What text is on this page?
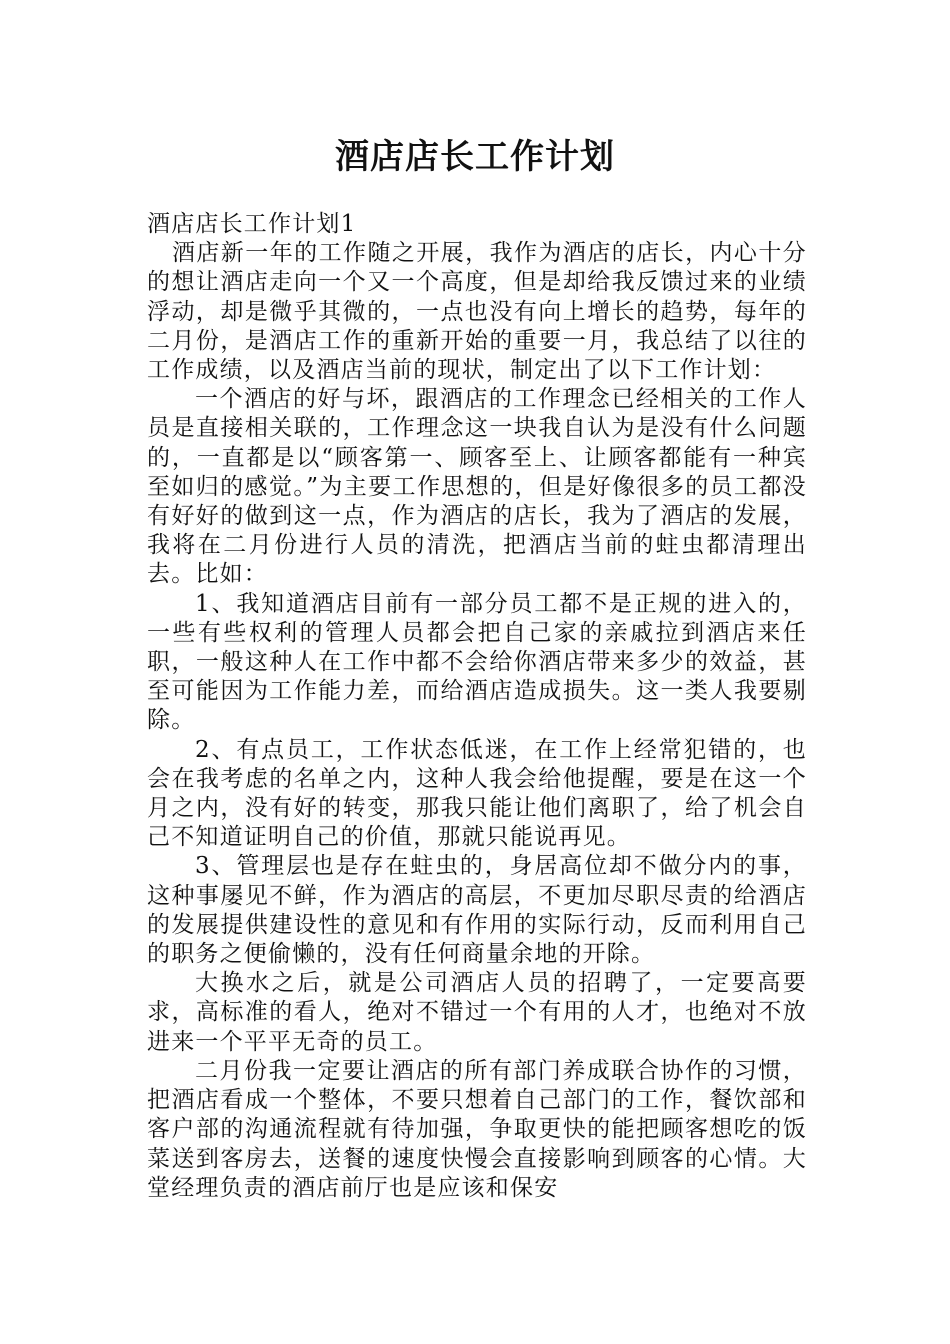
酒店店长工作计划

酒店店长工作计划1

酒店新一年的工作随之开展，我作为酒店的店长，内心十分的想让酒店走向一个又一个高度，但是却给我反馈过来的业绩浮动，却是微乎其微的，一点也没有向上增长的趋势，每年的二月份，是酒店工作的重新开始的重要一月，我总结了以往的工作成绩，以及酒店当前的现状，制定出了以下工作计划：

一个酒店的好与坏，跟酒店的工作理念已经相关的工作人员是直接相关联的，工作理念这一块我自认为是没有什么问题的，一直都是以“顾客第一、顾客至上、让顾客都能有一种宾至如归的感觉。”为主要工作思想的，但是好像很多的员工都没有好好的做到这一点，作为酒店的店长，我为了酒店的发展，我将在二月份进行人员的清洗，把酒店当前的蛀虫都清理出去。比如：

1、我知道酒店目前有一部分员工都不是正规的进入的，一些有些权利的管理人员都会把自己家的亲戚拉到酒店来任职，一般这种人在工作中都不会给你酒店带来多少的效益，甚至可能因为工作能力差，而给酒店造成损失。这一类人我要剔除。

2、有点员工，工作状态低迷，在工作上经常犯错的，也会在我考虑的名单之内，这种人我会给他提醒，要是在这一个月之内，没有好的转变，那我只能让他们离职了，给了机会自己不知道证明自己的价值，那就只能说再见。

3、管理层也是存在蛀虫的，身居高位却不做分内的事，这种事屡见不鲜，作为酒店的高层，不更加尽职尽责的给酒店的发展提供建设性的意见和有作用的实际行动，反而利用自己的职务之便偷懒的，没有任何商量余地的开除。

大换水之后，就是公司酒店人员的招聘了，一定要高要求，高标准的看人，绝对不错过一个有用的人才，也绝对不放进来一个平平无奇的员工。

二月份我一定要让酒店的所有部门养成联合协作的习惯，把酒店看成一个整体，不要只想着自己部门的工作，餐饮部和客户部的沟通流程就有待加强，争取更快的能把顾客想吃的饭菜送到客房去，送餐的速度快慢会直接影响到顾客的心情。大堂经理负责的酒店前厅也是应该和保安
